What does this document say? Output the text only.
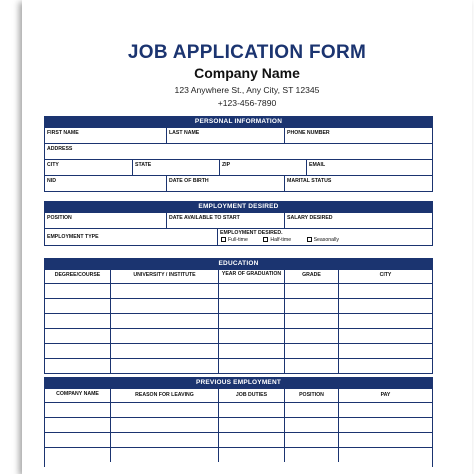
JOB APPLICATION FORM
Company Name
123 Anywhere St., Any City, ST 12345
+123-456-7890
PERSONAL INFORMATION
FIRST NAME	LAST NAME	PHONE NUMBER
ADDRESS
CITY	STATE	ZIP	EMAIL
NID	DATE OF BIRTH	MARITAL STATUS
EMPLOYMENT DESIRED
POSITION	DATE AVAILABLE TO START	SALARY DESIRED
EMPLOYMENT TYPE
EMPLOYMENT DESIRED.
Full-time	Half-time	Seasonally
EDUCATION
DEGREE/COURSE	UNIVERSITY / INSTITUTE	YEAR OF GRADUATION	GRADE	CITY
PREVIOUS EMPLOYMENT
COMPANY NAME	REASON FOR LEAVING	JOB DUTIES	POSITION	PAY
